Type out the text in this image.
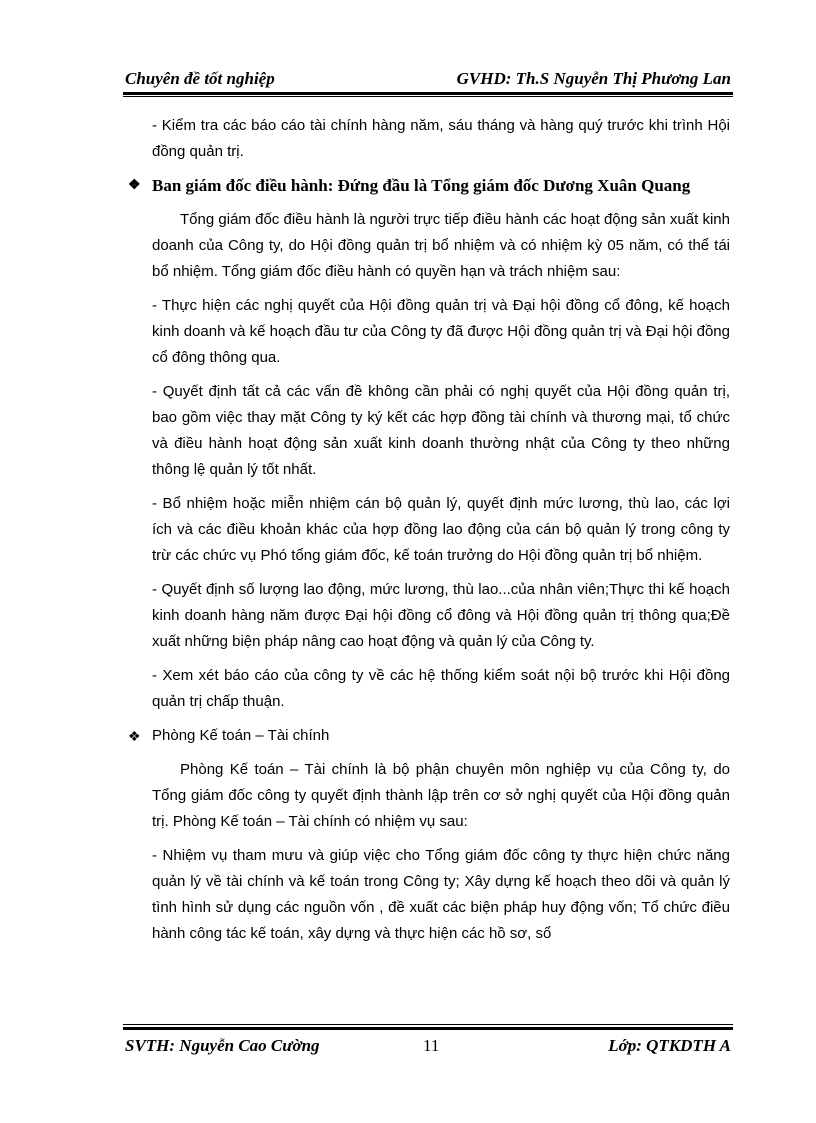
Chuyên đề tốt nghiệp	GVHD: Th.S Nguyễn Thị Phương Lan

- Kiểm tra các báo cáo tài chính hàng năm, sáu tháng và hàng quý trước khi trình Hội đồng quản trị.

❖ Ban giám đốc điều hành: Đứng đầu là Tổng giám đốc Dương Xuân Quang

Tổng giám đốc điều hành là người trực tiếp điều hành các hoạt động sản xuất kinh doanh của Công ty, do Hội đồng quản trị bổ nhiệm và có nhiệm kỳ 05 năm, có thể tái bổ nhiệm. Tổng giám đốc điều hành có quyền hạn và trách nhiệm sau:

- Thực hiện các nghị quyết của Hội đồng quản trị và Đại hội đồng cổ đông, kế hoạch kinh doanh và kế hoạch đầu tư của Công ty đã được Hội đồng quản trị và Đại hội đồng cổ đông thông qua.

- Quyết định tất cả các vấn đề không cần phải có nghị quyết của Hội đồng quản trị, bao gồm việc thay mặt Công ty ký kết các hợp đồng tài chính và thương mại, tổ chức và điều hành hoạt động sản xuất kinh doanh thường nhật của Công ty theo những thông lệ quản lý tốt nhất.

- Bổ nhiệm hoặc miễn nhiệm cán bộ quản lý, quyết định mức lương, thù lao, các lợi ích và các điều khoản khác của hợp đồng lao động của cán bộ quản lý trong công ty trừ các chức vụ Phó tổng giám đốc, kế toán trưởng do Hội đồng quản trị bổ nhiệm.

- Quyết định số lượng lao động, mức lương, thù lao...của nhân viên;Thực thi kế hoạch kinh doanh hàng năm được Đại hội đồng cổ đông và Hội đồng quản trị thông qua;Đề xuất những biện pháp nâng cao hoạt động và quản lý của Công ty.

- Xem xét báo cáo của công ty về các hệ thống kiểm soát nội bộ trước khi Hội đồng quản trị chấp thuận.

❖ Phòng Kế toán – Tài chính

Phòng Kế toán – Tài chính là bộ phận chuyên môn nghiệp vụ của Công ty, do Tổng giám đốc công ty quyết định thành lập trên cơ sở nghị quyết của Hội đồng quản trị. Phòng Kế toán – Tài chính có nhiệm vụ sau:

- Nhiệm vụ tham mưu và giúp việc cho Tổng giám đốc công ty thực hiện chức năng quản lý về tài chính và kế toán trong Công ty; Xây dựng kế hoạch theo dõi và quản lý tình hình sử dụng các nguồn vốn , đề xuất các biện pháp huy động vốn; Tổ chức điều hành công tác kế toán, xây dựng và thực hiện các hồ sơ, sổ

SVTH: Nguyễn Cao Cường	11	Lớp: QTKDTH A
